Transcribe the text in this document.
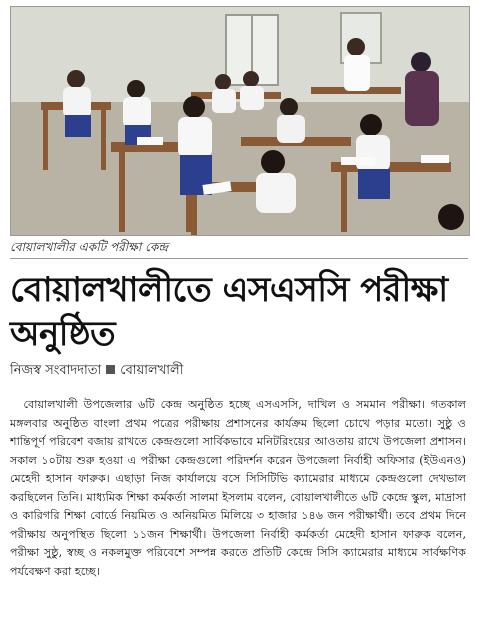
বোয়ালখালীর একটি পরীক্ষা কেন্দ্র
বোয়ালখালীতে এসএসসি পরীক্ষা অনুষ্ঠিত
নিজস্ব সংবাদদাতা বোয়ালখালী
বোয়ালখালী উপজেলার ৬টি কেন্দ্র অনুষ্ঠিত হচ্ছে এসএসসি, দাখিল ও সমমান পরীক্ষা। গতকাল মঙ্গলবার অনুষ্ঠিত বাংলা প্রথম পত্রের পরীক্ষায় প্রশাসনের কার্যক্রম ছিলো চোখে পড়ার মতো। সুষ্ঠু ও শান্তিপূর্ণ পরিবেশ বজায় রাখতে কেন্দ্রগুলো সার্বিকভাবে মনিটরিংয়ের আওতায় রাখে উপজেলা প্রশাসন। সকাল ১০টায় শুরু হওয়া এ পরীক্ষা কেন্দ্রগুলো পরিদর্শন করেন উপজেলা নির্বাহী অফিসার (ইউএনও) মেহেদী হাসান ফারুক। এছাড়া নিজ কার্যালয়ে বসে সিসিটিভি ক্যামেরার মাধ্যমে কেন্দ্রগুলো দেখভাল করছিলেন তিনি। মাধ্যমিক শিক্ষা কর্মকর্তা সালমা ইসলাম বলেন, বোয়ালখালীতে ৬টি কেন্দ্রে স্কুল, মাদ্রাসা ও কারিগরি শিক্ষা বোর্ডে নিয়মিত ও অনিয়মিত মিলিয়ে ৩ হাজার ১৪৬ জন পরীক্ষার্থী। তবে প্রথম দিনে পরীক্ষায় অনুপস্থিত ছিলো ১১জন শিক্ষার্থী। উপজেলা নির্বাহী কর্মকর্তা মেহেদী হাসান ফারুক বলেন, পরীক্ষা সুষ্ঠু, স্বচ্ছ ও নকলমুক্ত পরিবেশে সম্পন্ন করতে প্রতিটি কেন্দ্রে সিসি ক্যামেরার মাধ্যমে সার্বক্ষণিক পর্যবেক্ষণ করা হচ্ছে।
